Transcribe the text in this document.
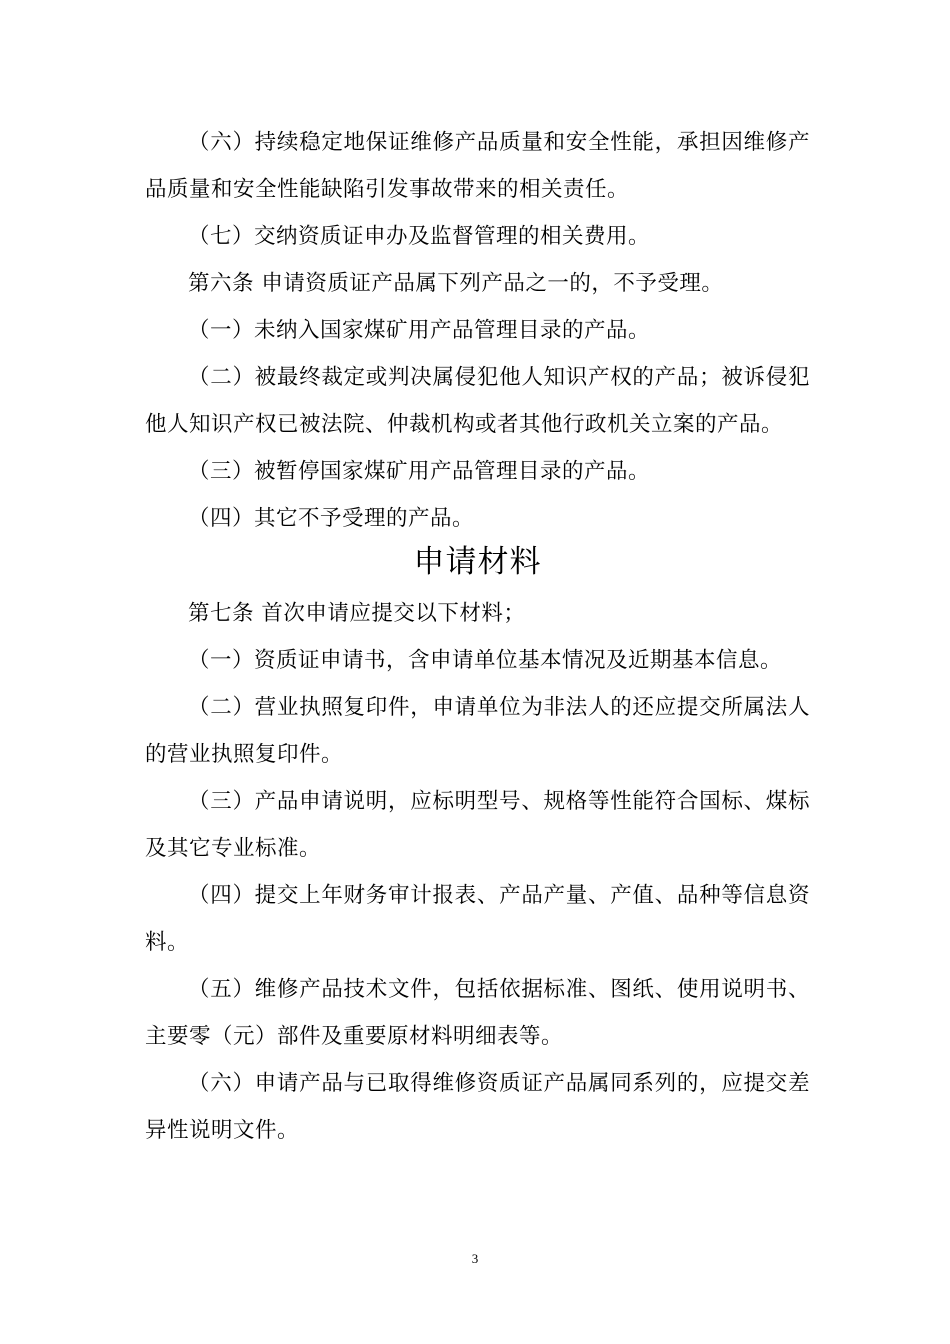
（六）持续稳定地保证维修产品质量和安全性能，承担因维修产品质量和安全性能缺陷引发事故带来的相关责任。

（七）交纳资质证申办及监督管理的相关费用。

第六条 申请资质证产品属下列产品之一的，不予受理。

（一）未纳入国家煤矿用产品管理目录的产品。

（二）被最终裁定或判决属侵犯他人知识产权的产品；被诉侵犯他人知识产权已被法院、仲裁机构或者其他行政机关立案的产品。

（三）被暂停国家煤矿用产品管理目录的产品。

（四）其它不予受理的产品。

申请材料

第七条 首次申请应提交以下材料；

（一）资质证申请书，含申请单位基本情况及近期基本信息。

（二）营业执照复印件，申请单位为非法人的还应提交所属法人的营业执照复印件。

（三）产品申请说明，应标明型号、规格等性能符合国标、煤标及其它专业标准。

（四）提交上年财务审计报表、产品产量、产值、品种等信息资料。

（五）维修产品技术文件，包括依据标准、图纸、使用说明书、主要零（元）部件及重要原材料明细表等。

（六）申请产品与已取得维修资质证产品属同系列的，应提交差异性说明文件。

3
